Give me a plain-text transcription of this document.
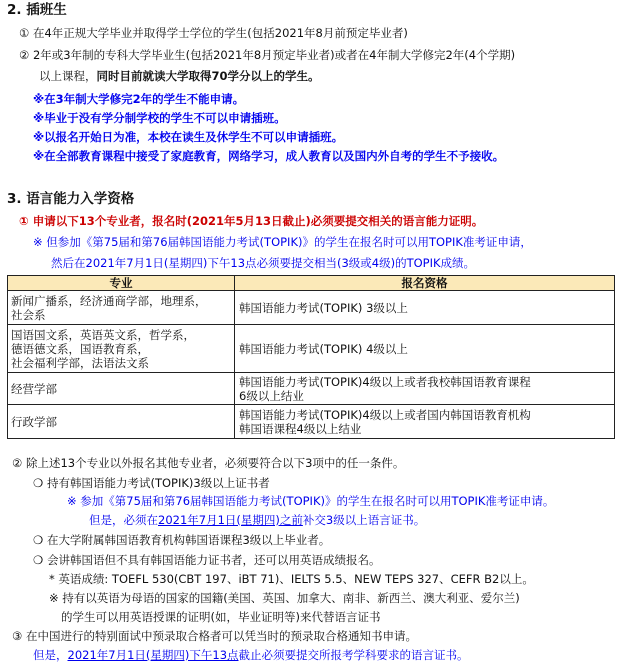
2. 插班生
① 在4年正规大学毕业并取得学士学位的学生(包括2021年8月前预定毕业者)
② 2年或3年制的专科大学毕业生(包括2021年8月预定毕业者)或者在4年制大学修完2年(4个学期)
以上课程，同时目前就读大学取得70学分以上的学生。
※在3年制大学修完2年的学生不能申请。
※毕业于没有学分制学校的学生不可以申请插班。
※以报名开始日为准，本校在读生及休学生不可以申请插班。
※在全部教育课程中接受了家庭教育，网络学习，成人教育以及国内外自考的学生不予接收。
3. 语言能力入学资格
① 申请以下13个专业者，报名时(2021年5月13日截止)必须要提交相关的语言能力证明。
※ 但参加《第75届和第76届韩国语能力考试(TOPIK)》的学生在报名时可以用TOPIK准考证申请，
然后在2021年7月1日(星期四)下午13点必须要提交相当(3级或4级)的TOPIK成绩。
专业	报名资格

新闻广播系，经济通商学部，地理系，
社会系	韩国语能力考试(TOPIK) 3级以上

国语国文系，英语英文系，哲学系，
德语德文系，国语教育系，
社会福利学部，法语法文系	韩国语能力考试(TOPIK) 4级以上

经营学部	韩国语能力考试(TOPIK)4级以上或者我校韩国语教育课程
6级以上结业

行政学部	韩国语能力考试(TOPIK)4级以上或者国内韩国语教育机构
韩国语课程4级以上结业
② 除上述13个专业以外报名其他专业者，必须要符合以下3项中的任一条件。
❍ 持有韩国语能力考试(TOPIK)3级以上证书者
※ 参加《第75届和第76届韩国语能力考试(TOPIK)》的学生在报名时可以用TOPIK准考证申请。
但是，必须在2021年7月1日(星期四)之前补交3级以上语言证书。
❍ 在大学附属韩国语教育机构韩国语课程3级以上毕业者。
❍ 会讲韩国语但不具有韩国语能力证书者，还可以用英语成绩报名。
* 英语成绩: TOEFL 530(CBT 197、iBT 71)、IELTS 5.5、NEW TEPS 327、CEFR B2以上。
※ 持有以英语为母语的国家的国籍(美国、英国、加拿大、南非、新西兰、澳大利亚、爱尔兰)
的学生可以用英语授课的证明(如，毕业证明等)来代替语言证书
③ 在中国进行的特别面试中预录取合格者可以凭当时的预录取合格通知书申请。
但是，2021年7月1日(星期四)下午13点截止必须要提交所报考学科要求的语言证书。
